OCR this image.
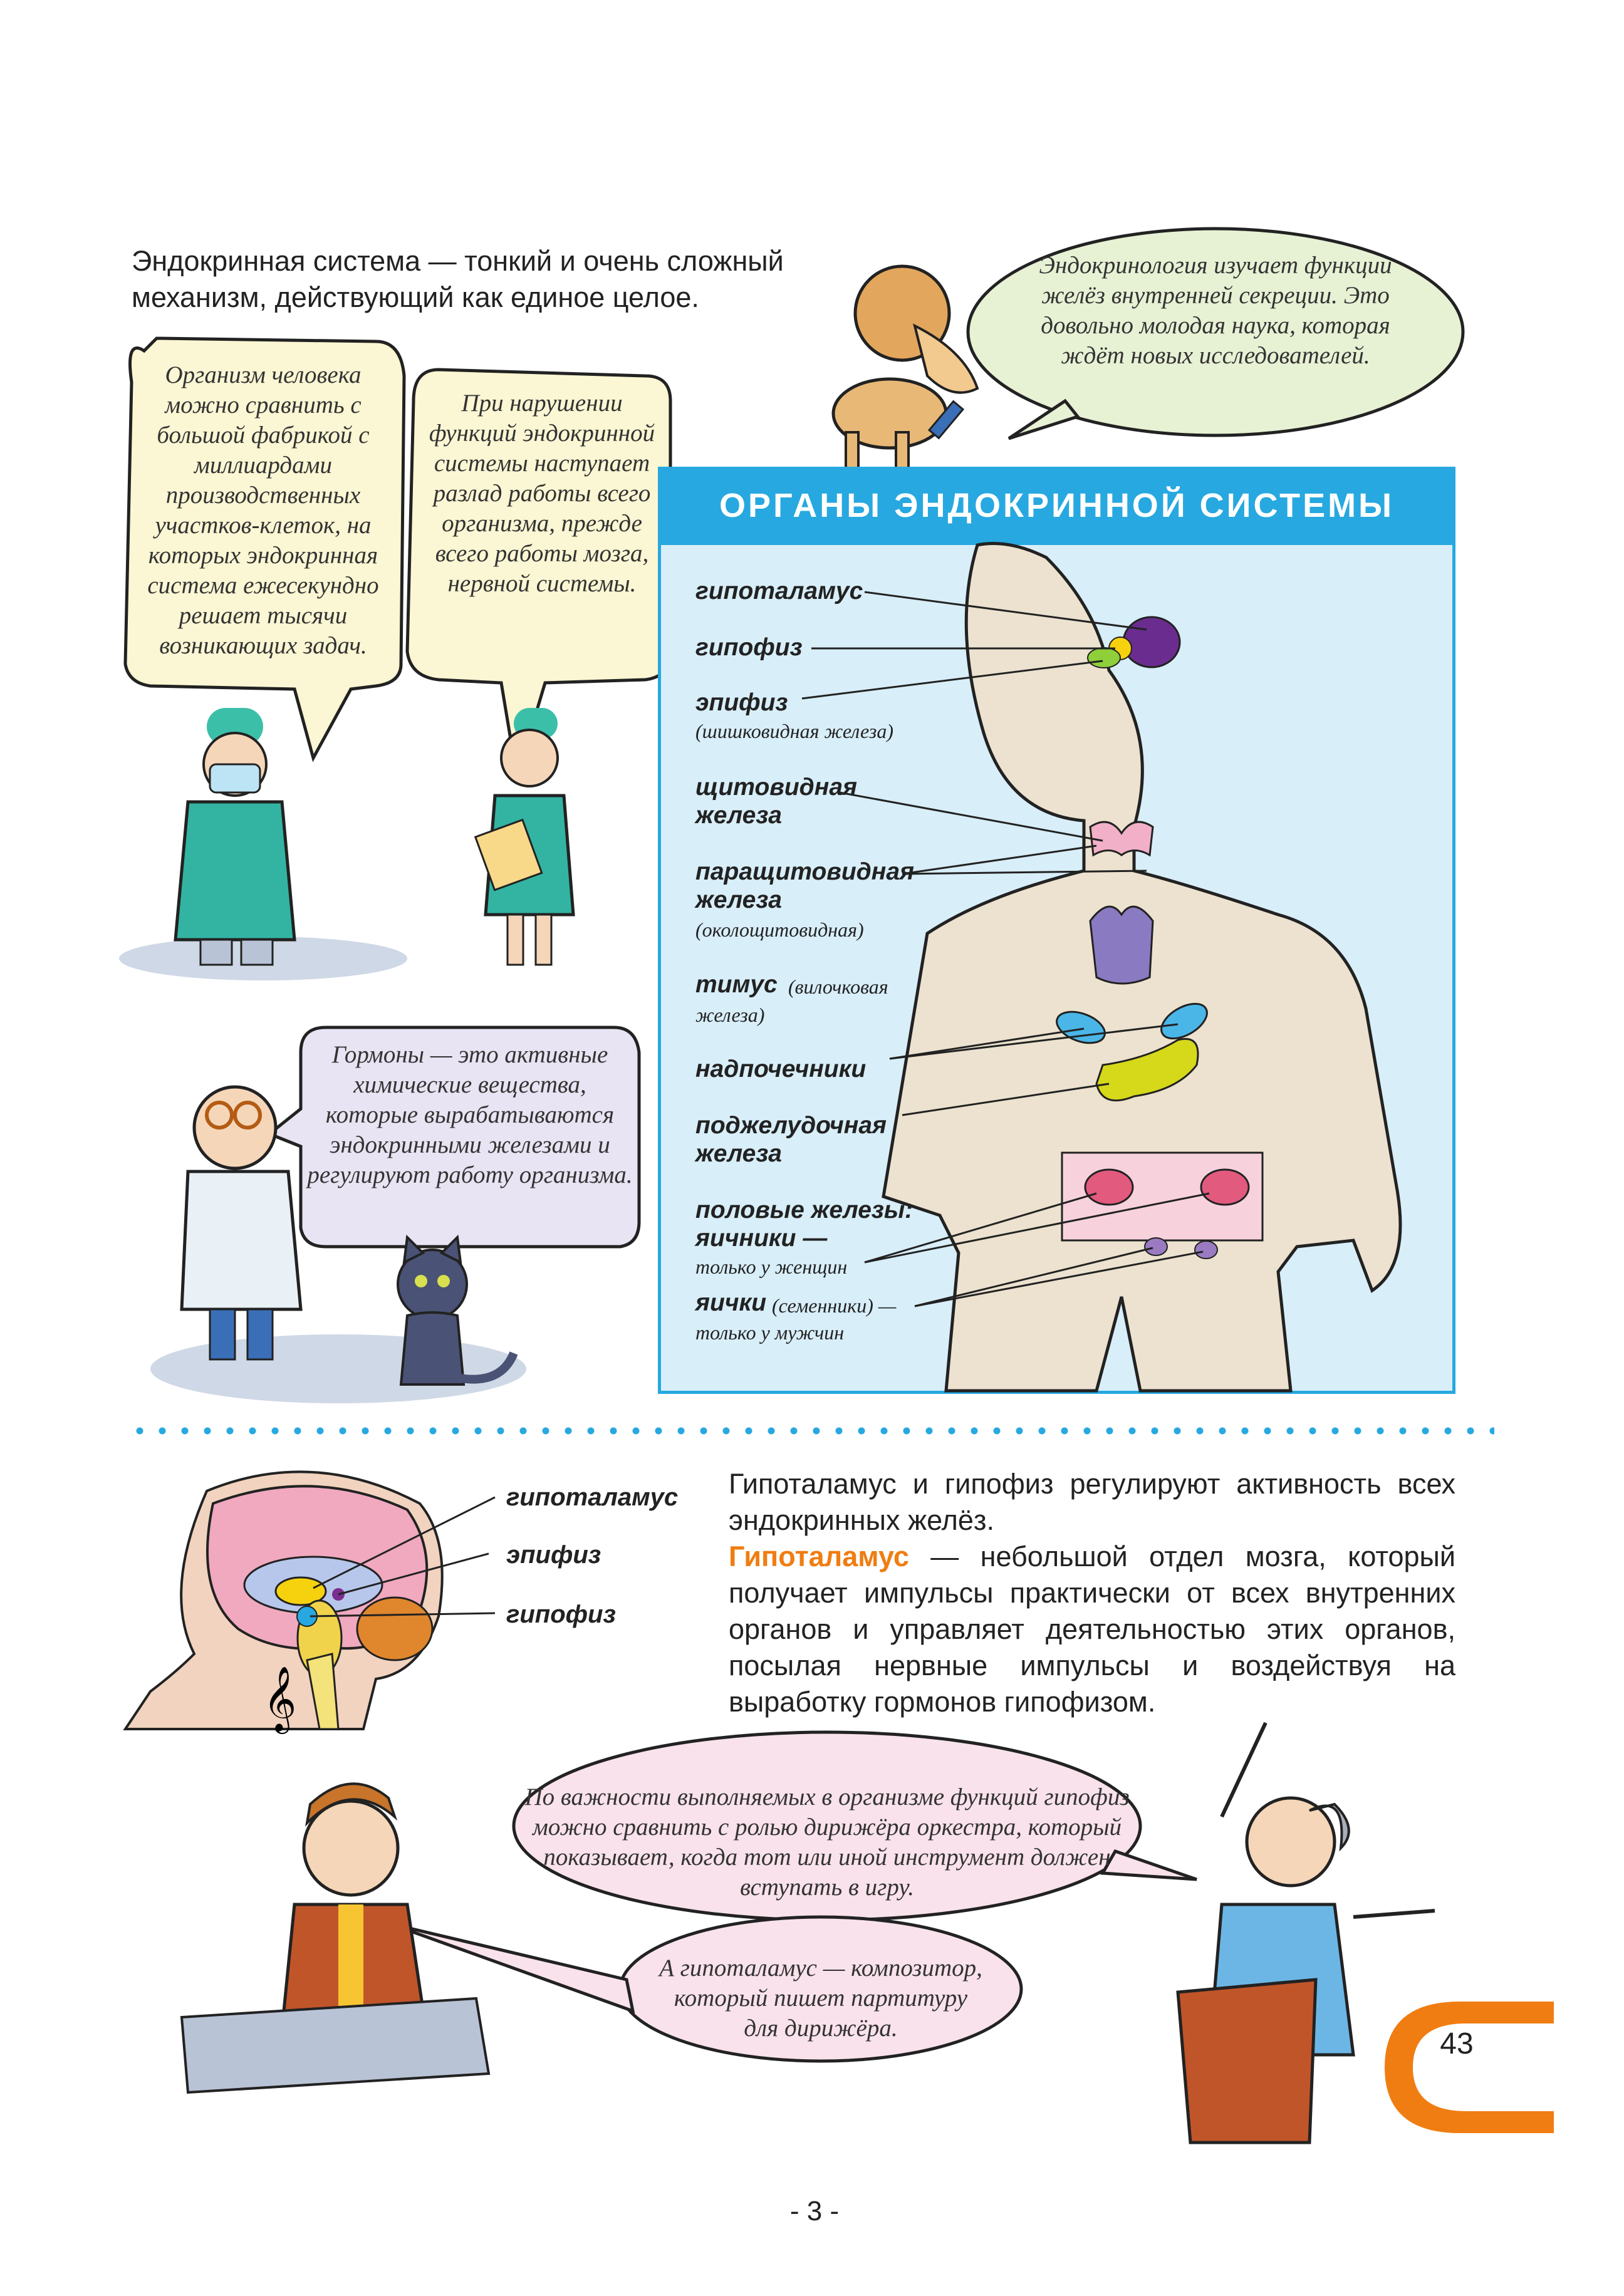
Эндокринная система — тонкий и очень сложный механизм, действующий как единое целое.
Организм человека можно сравнить с большой фабрикой с миллиардами производственных участков-клеток, на которых эндокринная система ежесекундно решает тысячи возникающих задач.
При нарушении функций эндокринной системы наступает разлад работы всего организма, прежде всего работы мозга, нервной системы.
Эндокринология изучает функции желёз внутренней секреции. Это довольно молодая наука, которая ждёт новых исследователей.
Гормоны — это активные химические вещества, которые вырабатываются эндокринными железами и регулируют работу организма.
ОРГАНЫ ЭНДОКРИННОЙ СИСТЕМЫ
гипоталамус
гипофиз
эпифиз
(шишковидная железа)
щитовидная
железа
паращитовидная
железа
(околощитовидная)
тимус (вилочковая
железа)
надпочечники
поджелудочная
железа
половые железы:
яичники —
только у женщин
яички (семенники) —
только у мужчин
гипоталамус
эпифиз
гипофиз
Гипоталамус и гипофиз регулируют активность всех эндокринных желёз.
Гипоталамус — небольшой отдел мозга, который получает импульсы практически от всех внутренних органов и управляет деятельностью этих органов, посылая нервные импульсы и воздействуя на выработку гормонов гипофизом.
𝄞
По важности выполняемых в организме функций гипофиз можно сравнить с ролью дирижёра оркестра, который показывает, когда тот или иной инструмент должен вступать в игру.
А гипоталамус — композитор, который пишет партитуру для дирижёра.	43
- 3 -
